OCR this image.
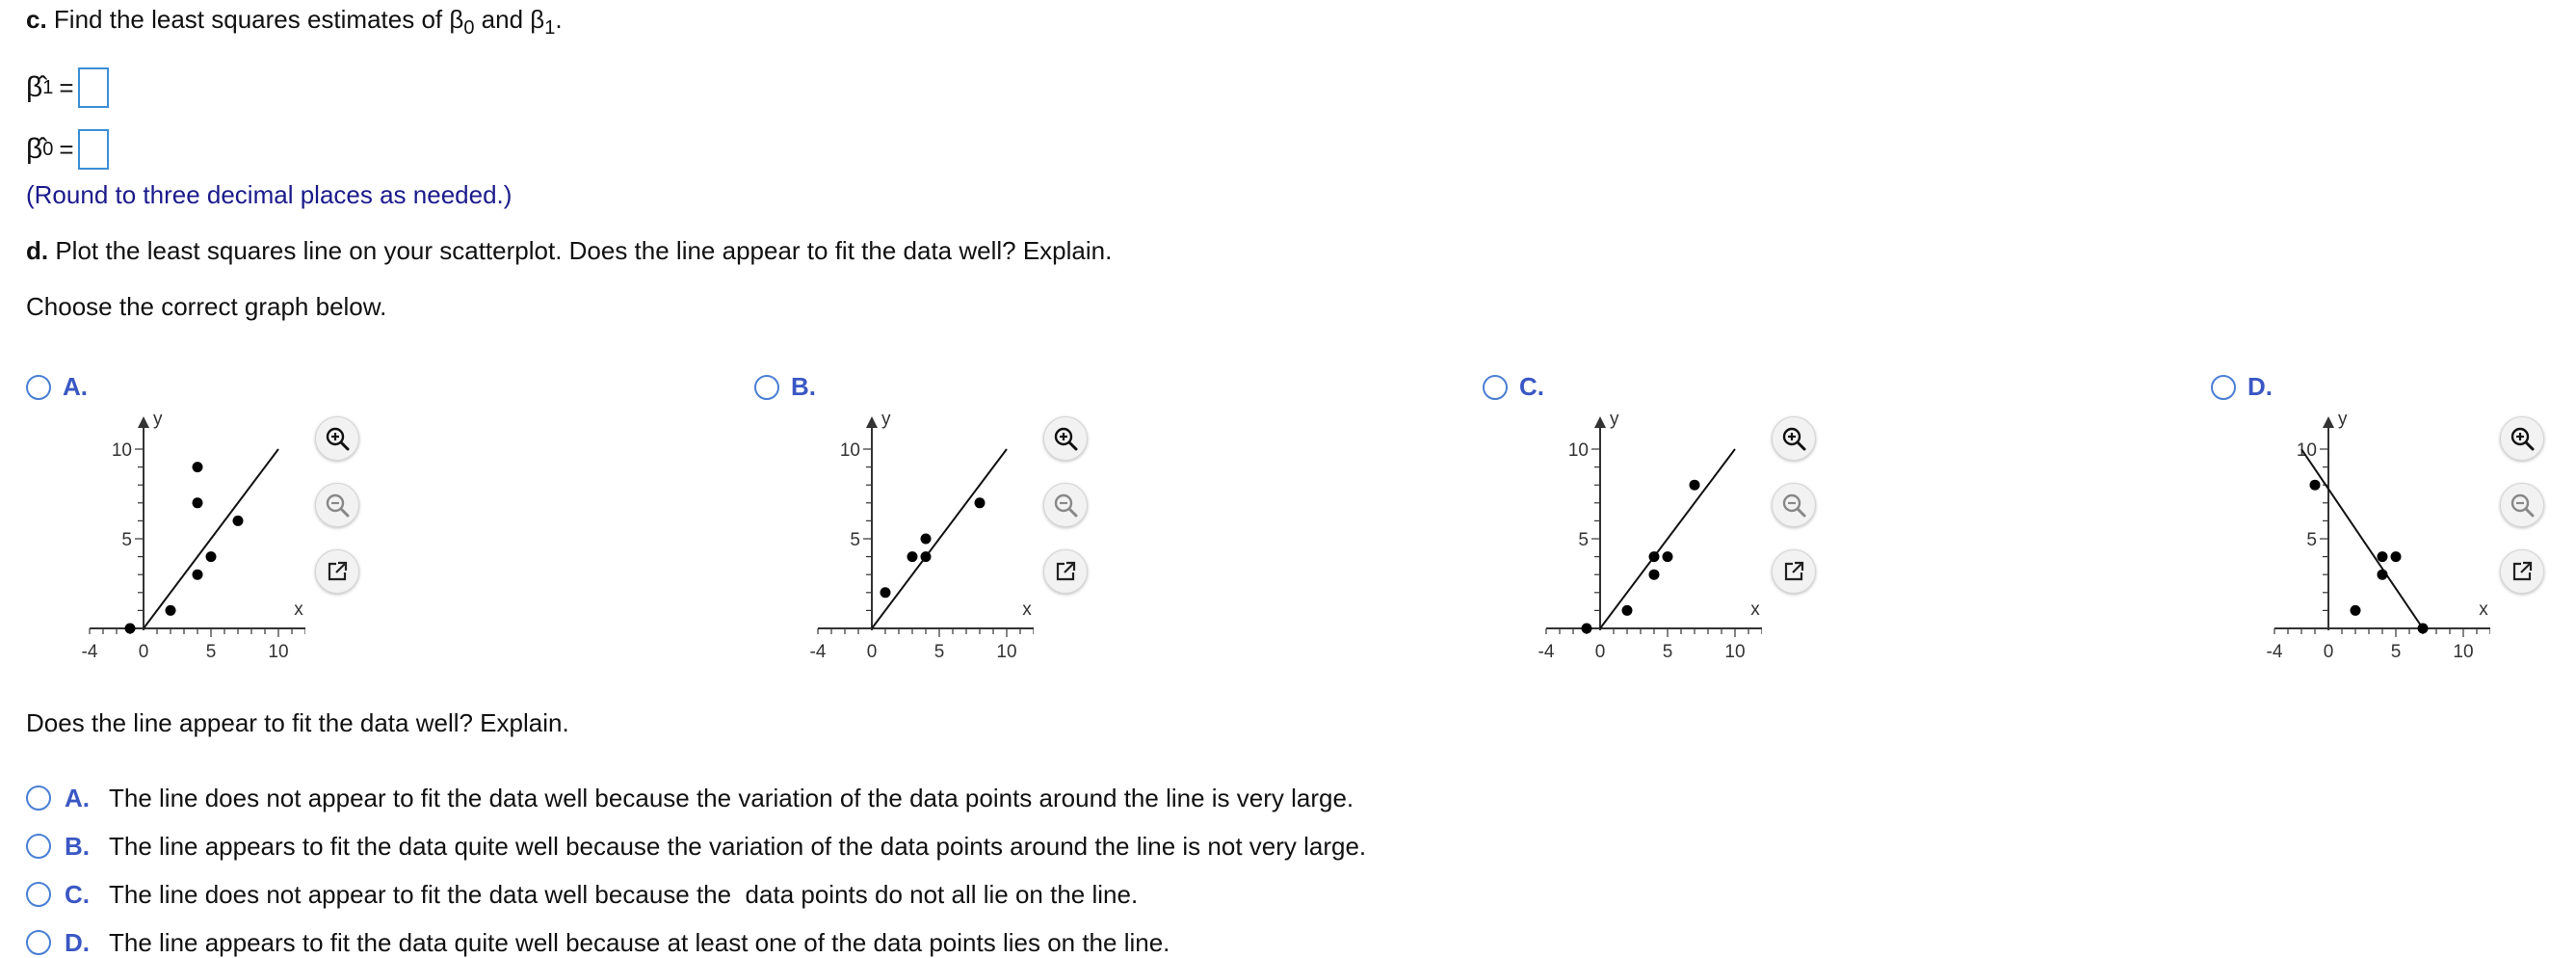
c. Find the least squares estimates of $\beta_0$ and $\beta_1$.
β̂ 1 =
β̂ 0 =
(Round to three decimal places as needed.)
d. Plot the least squares line on your scatterplot. Does the line appear to fit the data well? Explain.
Choose the correct graph below.
A.
-4 0	5	10
5
10
x
y
B.
-4 0	5	10
5
10
x
y
C.
-4 0	5	10
5
10
x
y
D.
-4 0	5	10
5
10
x
y
Does the line appear to fit the data well? Explain.
A. The line does not appear to fit the data well because the variation of the data points around the line is very large.
B. The line appears to fit the data quite well because the variation of the data points around the line is not very large.
C. The line does not appear to fit the data well because the  data points do not all lie on the line.
D. The line appears to fit the data quite well because at least one of the data points lies on the line.
